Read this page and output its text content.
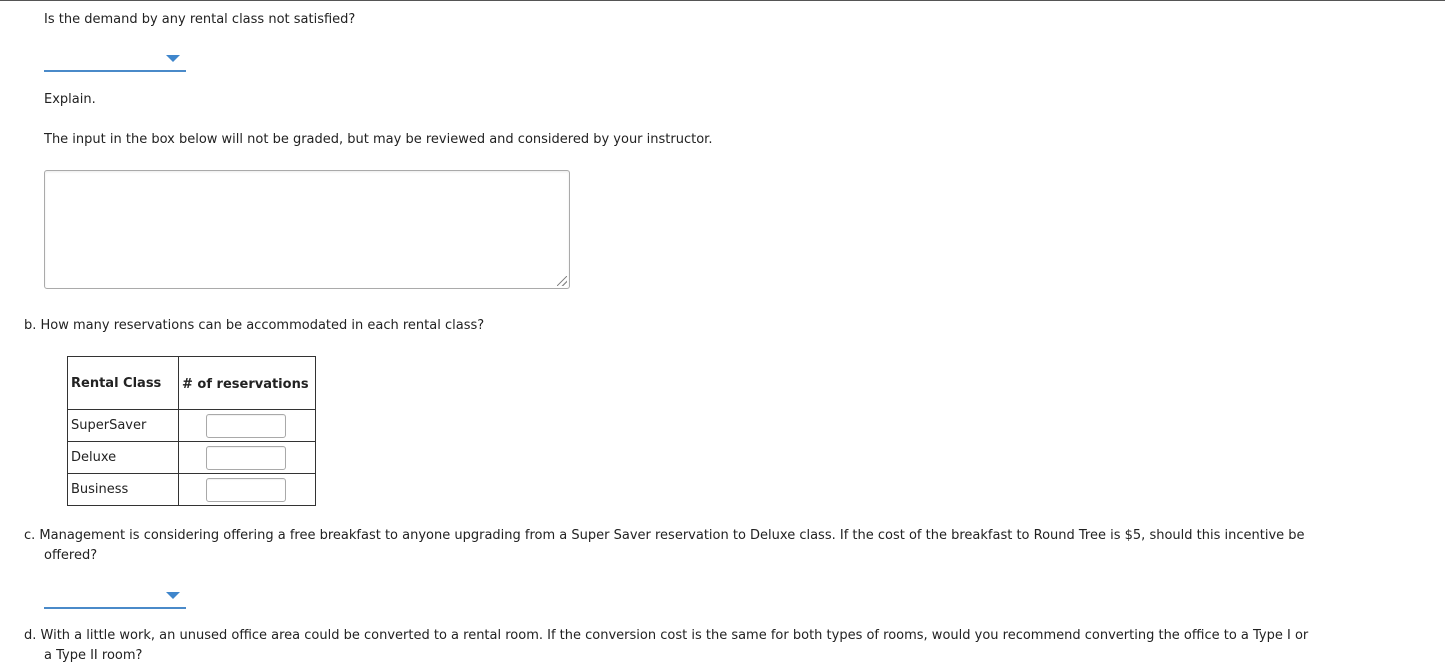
Is the demand by any rental class not satisfied?
Explain.
The input in the box below will not be graded, but may be reviewed and considered by your instructor.
b. How many reservations can be accommodated in each rental class?
Rental Class	# of reservations
SuperSaver	

Deluxe	

Business	
c. Management is considering offering a free breakfast to anyone upgrading from a Super Saver reservation to Deluxe class. If the cost of the breakfast to Round Tree is $5, should this incentive be
offered?
d. With a little work, an unused office area could be converted to a rental room. If the conversion cost is the same for both types of rooms, would you recommend converting the office to a Type I or
a Type II room?
